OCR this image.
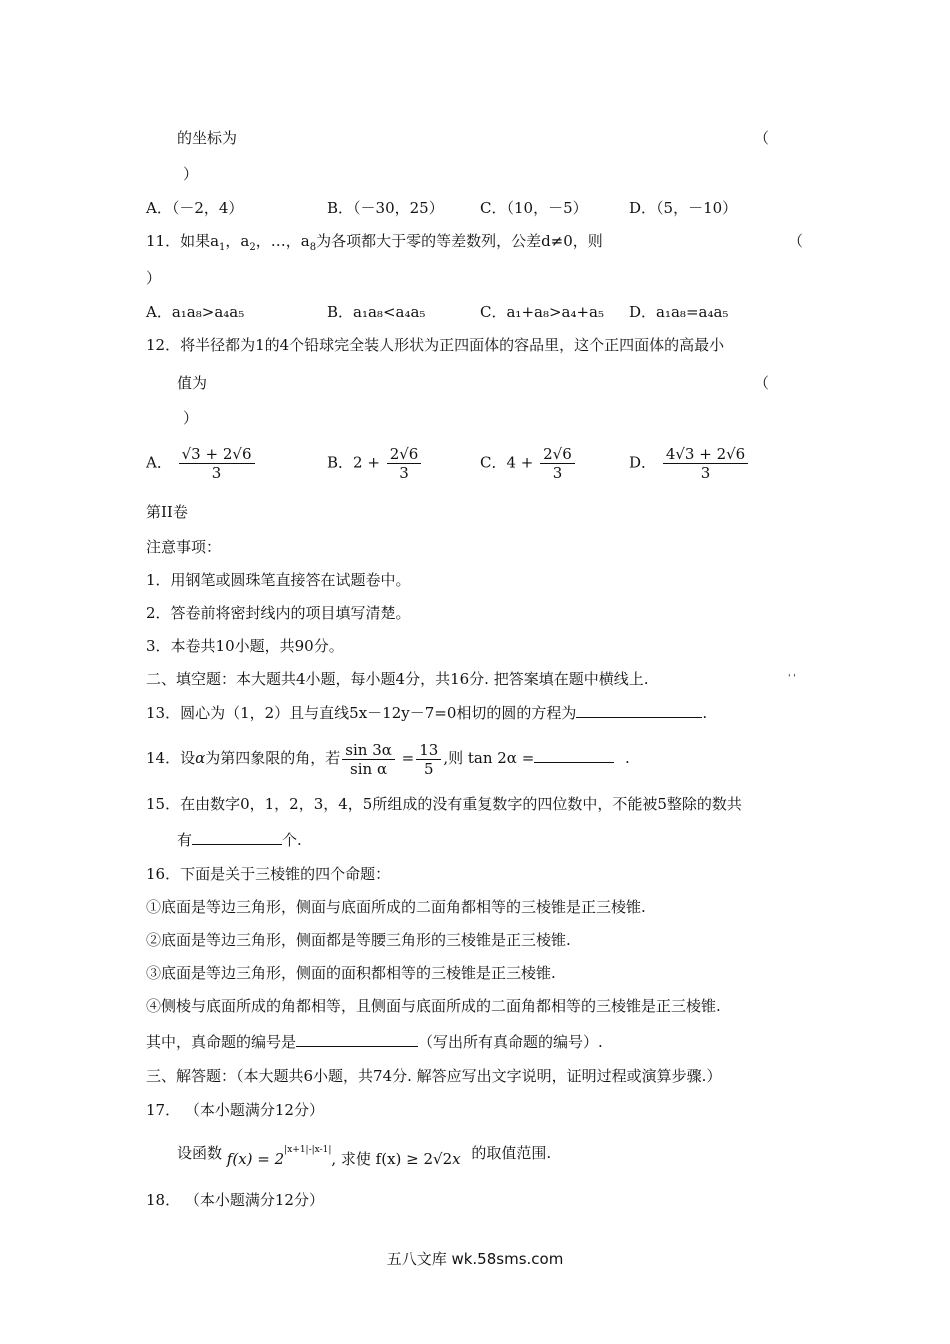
的坐标为	（
）
A．（－2，4）	B．（－30，25） C．（10，－5）	D．（5，－10）
11．如果$a_1$，$a_2$，…，$a_8$为各项都大于零的等差数列，公差d≠0，则	（
）
A．a₁a₈>a₄a₅	B．a₁a₈<a₄a₅	C．a₁+a₈>a₄+a₅ D．a₁a₈=a₄a₅
12．将半径都为1的4个铅球完全装人形状为正四面体的容品里，这个正四面体的高最小
值为	（
）
A． $\frac{√3 + 2√6}{3}$	B．$2 + \frac{2√6}{3}$	C．$4 + \frac{2√6}{3}$	D． $\frac{4√3 + 2√6}{3}$
第II卷
注意事项：
1．用钢笔或圆珠笔直接答在试题卷中。
2．答卷前将密封线内的项目填写清楚。
3．本卷共10小题，共90分。
二、填空题：本大题共4小题，每小题4分，共16分. 把答案填在题中横线上.	' '
13．圆心为（1，2）且与直线5x－12y－7=0相切的圆的方程为	.
14．设α为第四象限的角，若 $\frac{\sin 3\alpha}{\text{sin α}} = \frac{13}{5}$ ,则 tan 2α =	.
15．在由数字0，1，2，3，4，5所组成的没有重复数字的四位数中，不能被5整除的数共
有	个.
16．下面是关于三棱锥的四个命题：
①底面是等边三角形，侧面与底面所成的二面角都相等的三棱锥是正三棱锥.
②底面是等边三角形，侧面都是等腰三角形的三棱锥是正三棱锥.
③底面是等边三角形，侧面的面积都相等的三棱锥是正三棱锥.
④侧棱与底面所成的角都相等，且侧面与底面所成的二面角都相等的三棱锥是正三棱锥.
其中，真命题的编号是	（写出所有真命题的编号）.
三、解答题：（本大题共6小题，共74分. 解答应写出文字说明，证明过程或演算步骤.）
17． （本小题满分12分）
设函数 $f(x) = 2^{|x+1|-|x-1|}$, 求使 f(x) ≥ 2√2x 的取值范围.
18． （本小题满分12分）
五八文库 wk.58sms.com
